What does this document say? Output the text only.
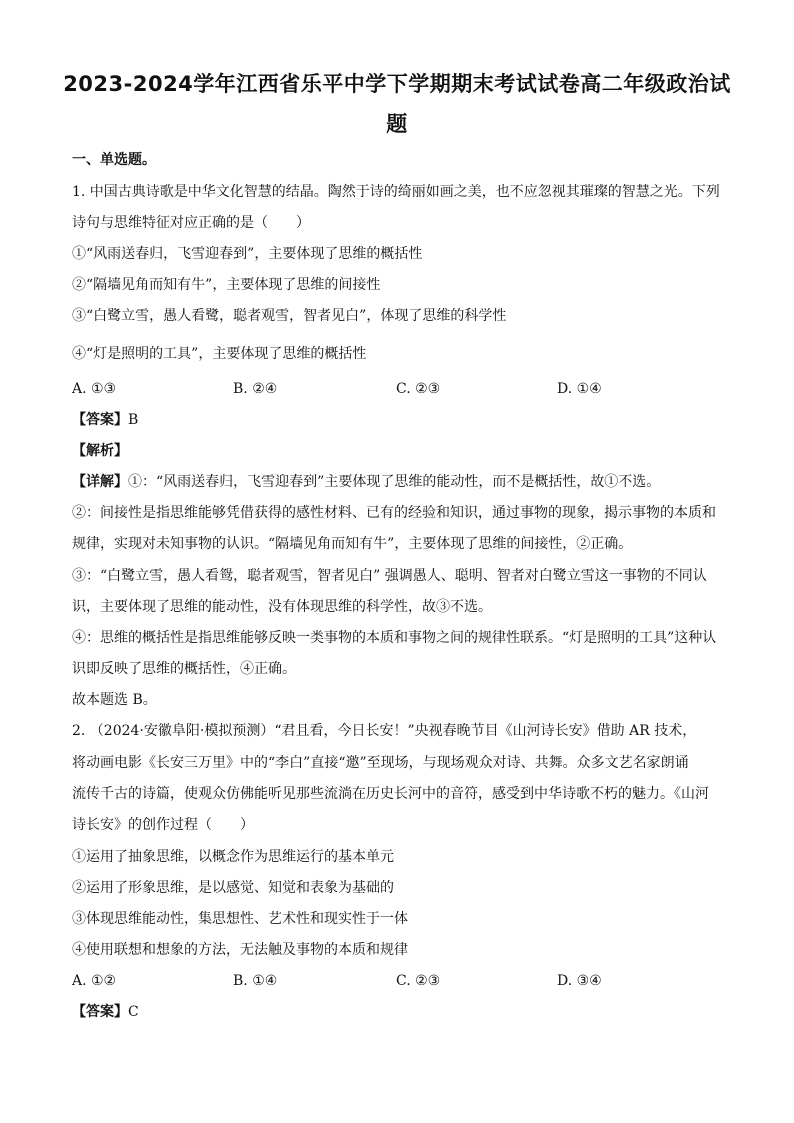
2023-2024学年江西省乐平中学下学期期末考试试卷高二年级政治试
题
一、单选题。
1. 中国古典诗歌是中华文化智慧的结晶。陶然于诗的绮丽如画之美，也不应忽视其璀璨的智慧之光。下列
诗句与思维特征对应正确的是（　　）
①“风雨送春归，飞雪迎春到”，主要体现了思维的概括性
②“隔墙见角而知有牛”，主要体现了思维的间接性
③“白鹭立雪，愚人看鹭，聪者观雪，智者见白”，体现了思维的科学性
④“灯是照明的工具”，主要体现了思维的概括性
A. ①③	B. ②④	C. ②③	D. ①④
【答案】B
【解析】
【详解】①：“风雨送春归，飞雪迎春到”主要体现了思维的能动性，而不是概括性，故①不选。
②：间接性是指思维能够凭借获得的感性材料、已有的经验和知识，通过事物的现象，揭示事物的本质和
规律，实现对未知事物的认识。“隔墙见角而知有牛”，主要体现了思维的间接性，②正确。
③：“白鹭立雪，愚人看鸳，聪者观雪，智者见白” 强调愚人、聪明、智者对白鹭立雪这一事物的不同认
识，主要体现了思维的能动性，没有体现思维的科学性，故③不选。
④：思维的概括性是指思维能够反映一类事物的本质和事物之间的规律性联系。“灯是照明的工具”这种认
识即反映了思维的概括性，④正确。
故本题选 B。
2. （2024·安徽阜阳·模拟预测）“君且看，今日长安！”央视春晚节目《山河诗长安》借助 AR 技术，
将动画电影《长安三万里》中的“李白”直接“邀”至现场，与现场观众对诗、共舞。众多文艺名家朗诵
流传千古的诗篇，使观众仿佛能听见那些流淌在历史长河中的音符，感受到中华诗歌不朽的魅力。《山河
诗长安》的创作过程（　　）
①运用了抽象思维，以概念作为思维运行的基本单元
②运用了形象思维，是以感觉、知觉和表象为基础的
③体现思维能动性，集思想性、艺术性和现实性于一体
④使用联想和想象的方法，无法触及事物的本质和规律
A. ①②	B. ①④	C. ②③	D. ③④
【答案】C
